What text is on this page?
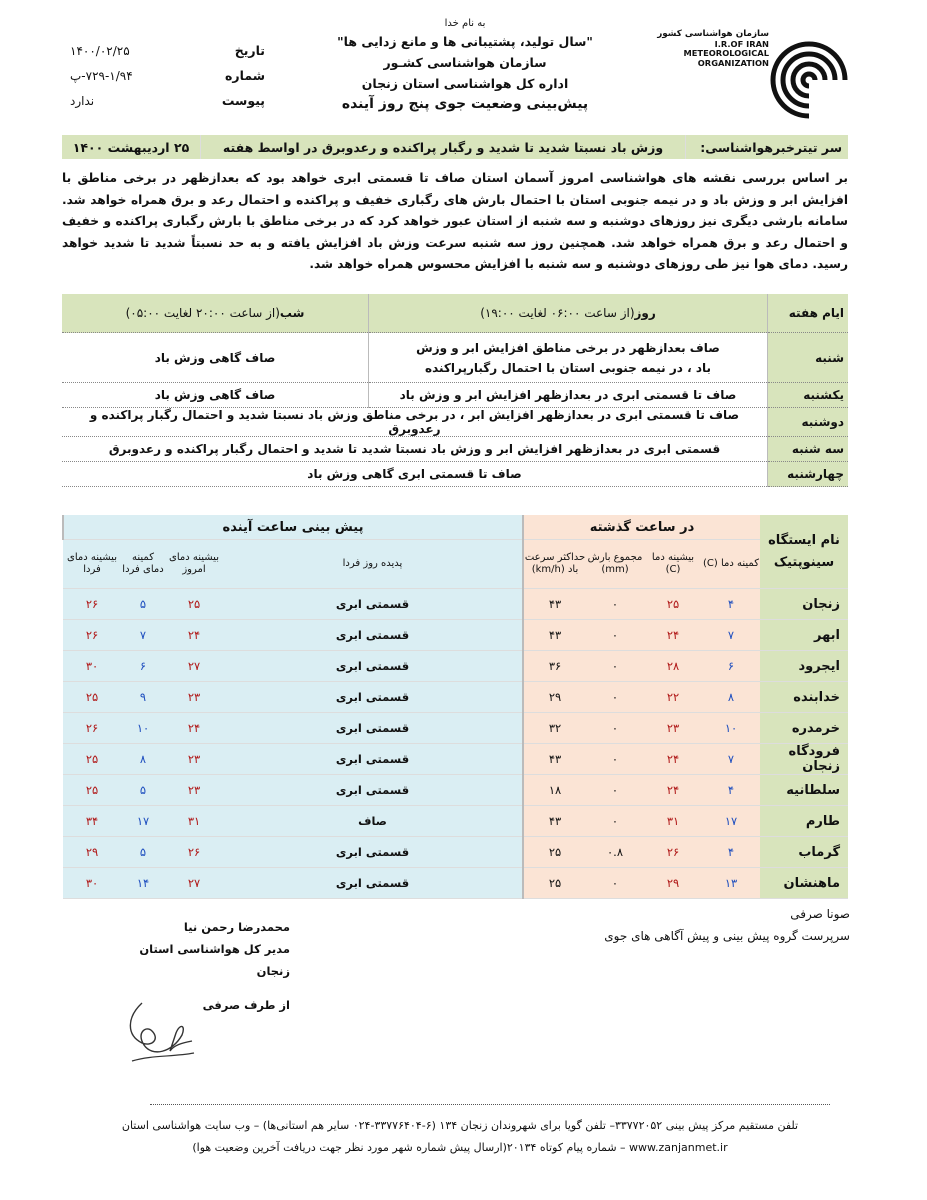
به نام خدا
"سال تولید، پشتیبانی ها و مانع زدایی ها"
سازمان هواشناسی کشـور
اداره کل هواشناسی استان زنجان
پیش‌بینی وضعیت جوی پنج روز آینده
تاریخ
۱۴۰۰/۰۲/۲۵
شمار‌ه
۷۲۹-۱/۹۴-پ
پیوست
ندارد
سازمان هواشناسی کشور
I.R.OF IRAN
METEOROLOGICAL
ORGANIZATION
سر تیترخبرهواشناسی:
وزش باد نسبتا شدید تا شدید و رگبار پراکنده و رعدوبرق در اواسط هفته
۲۵ اردیبهشت ۱۴۰۰
بر اساس بررسی نقشه های هواشناسی امروز آسمان استان صاف تا قسمتی ابری خواهد بود که بعدازظهر در برخی مناطق با افزایش ابر و وزش باد و در نیمه جنوبی استان با احتمال بارش های رگباری خفیف و پراکنده و احتمال رعد و برق همراه خواهد شد. سامانه بارشی دیگری نیز روزهای دوشنبه و سه شنبه از استان عبور خواهد کرد که در برخی مناطق با بارش رگباری پراکنده و خفیف و احتمال رعد و برق همراه خواهد شد. همچنین روز سه شنبه سرعت وزش باد افزایش یافته و به حد نسبتاً شدید تا شدید خواهد رسید. دمای هوا نیز طی روزهای دوشنبه و سه شنبه با افزایش محسوس همراه خواهد شد.
ایام هفته	روز(از ساعت ۰۶:۰۰ لغایت ۱۹:۰۰)	شب(از ساعت ۲۰:۰۰ لغایت ۰۵:۰۰)
شنبه	صاف بعدازظهر در برخی مناطق افزایش ابر و وزش باد ، در نیمه جنوبی استان با احتمال رگبارپراکنده	صاف گاهی وزش باد
یکشنبه	صاف تا قسمتی ابری در بعدازظهر افزایش ابر و وزش باد	صاف گاهی وزش باد
دوشنبه	صاف تا قسمتی ابری در بعدازظهر افزایش ابر ، در برخی مناطق وزش باد نسبتا شدید و احتمال رگبار پراکنده و رعدوبرق	
سه شنبه	قسمتی ابری در بعدازظهر افزایش ابر و وزش باد نسبتا شدید تا شدید و احتمال رگبار پراکنده و رعدوبرق	
چهارشنبه	صاف تا قسمتی ابری گاهی وزش باد	
نام ایستگاه سینوپتیک	در ساعت گذشته				پیش بینی ساعت آینده			
	کمینه دما (C)	بیشینه دما (C)	مجموع بارش (mm)	حداکثر سرعت باد (km/h)	پدیده روز فردا	بیشینه دمای امروز	کمینه دمای فردا	بیشینه دمای فردا
زنجان	۴	۲۵	۰	۴۳	قسمتی ابری	۲۵	۵	۲۶
ابهر	۷	۲۴	۰	۴۳	قسمتی ابری	۲۴	۷	۲۶
ایجرود	۶	۲۸	۰	۳۶	قسمتی ابری	۲۷	۶	۳۰
خدابنده	۸	۲۲	۰	۲۹	قسمتی ابری	۲۳	۹	۲۵
خرمدره	۱۰	۲۳	۰	۳۲	قسمتی ابری	۲۴	۱۰	۲۶
فرودگاه زنجان	۷	۲۴	۰	۴۳	قسمتی ابری	۲۳	۸	۲۵
سلطانیه	۴	۲۴	۰	۱۸	قسمتی ابری	۲۳	۵	۲۵
طارم	۱۷	۳۱	۰	۴۳	صاف	۳۱	۱۷	۳۴
گرماب	۴	۲۶	۰.۸	۲۵	قسمتی ابری	۲۶	۵	۲۹
ماهنشان	۱۳	۲۹	۰	۲۵	قسمتی ابری	۲۷	۱۴	۳۰
محمدرضا رحمن نیا
مدیر کل هواشناسی استان زنجان
از طرف صرفی
صونا صرفی
سرپرست گروه پیش بینی و پیش آگاهی های جوی
تلفن مستقیم مرکز پیش بینی ۳۳۷۷۲۰۵۲– تلفن گویا برای شهروندان زنجان ۱۳۴ (۶-۳۳۷۷۶۴۰۴-۰۲۴ سایر هم استانی‌ها) – وب سایت هواشناسی استان
www.zanjanmet.ir – شماره پیام کوتاه ۲۰۱۳۴(ارسال پیش شماره شهر مورد نظر جهت دریافت آخرین وضعیت هوا)
